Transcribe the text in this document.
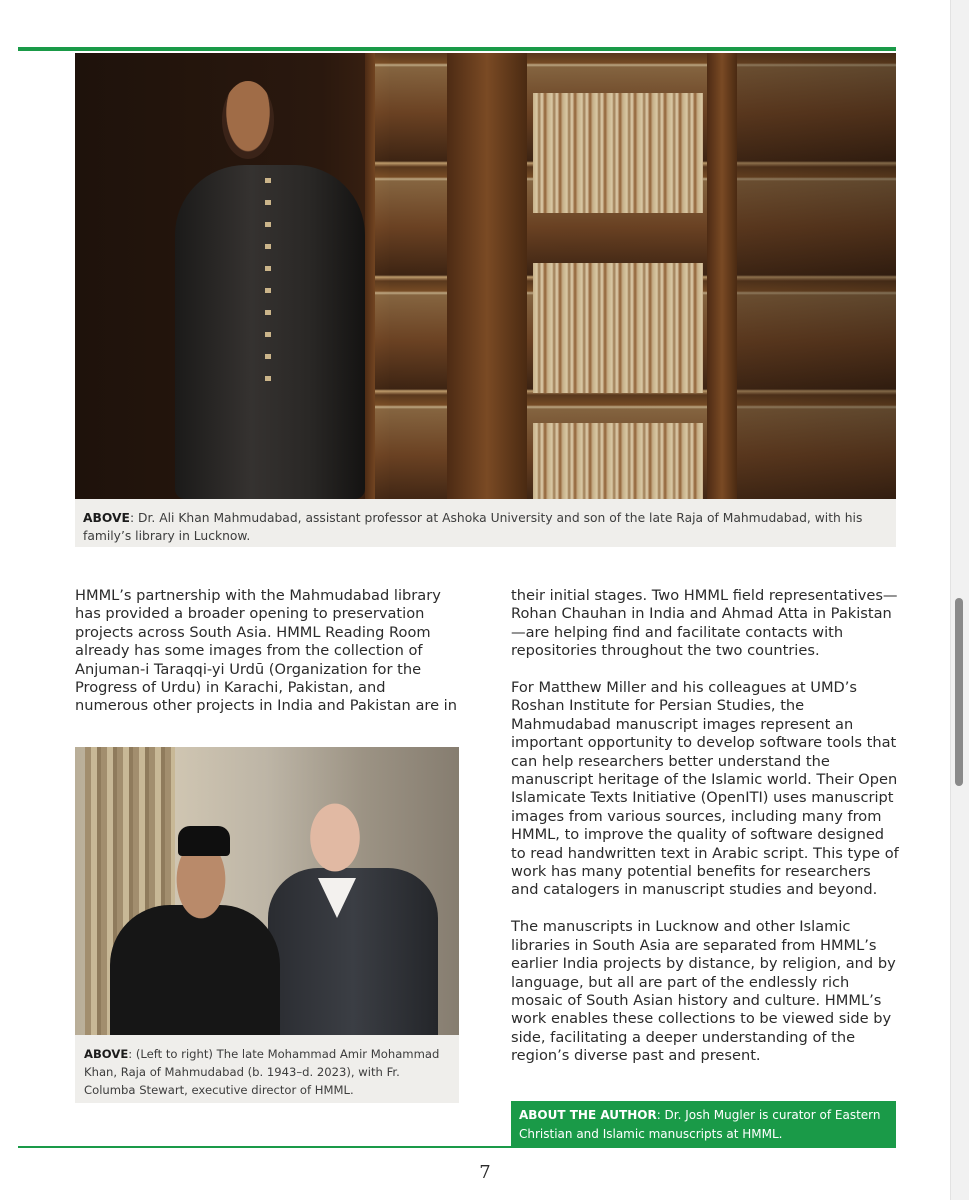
ABOVE: Dr. Ali Khan Mahmudabad, assistant professor at Ashoka University and son of the late Raja of Mahmudabad, with his family’s library in Lucknow.

HMML’s partnership with the Mahmudabad library has provided a broader opening to preservation projects across South Asia. HMML Reading Room already has some images from the collection of Anjuman-i Taraqqi-yi Urdū (Organization for the Progress of Urdu) in Karachi, Pakistan, and numerous other projects in India and Pakistan are in

ABOVE: (Left to right) The late Mohammad Amir Mohammad Khan, Raja of Mahmudabad (b. 1943–d. 2023), with Fr. Columba Stewart, executive director of HMML.

their initial stages. Two HMML field representatives—Rohan Chauhan in India and Ahmad Atta in Pakistan—are helping find and facilitate contacts with repositories throughout the two countries.

For Matthew Miller and his colleagues at UMD’s Roshan Institute for Persian Studies, the Mahmudabad manuscript images represent an important opportunity to develop software tools that can help researchers better understand the manuscript heritage of the Islamic world. Their Open Islamicate Texts Initiative (OpenITI) uses manuscript images from various sources, including many from HMML, to improve the quality of software designed to read handwritten text in Arabic script. This type of work has many potential benefits for researchers and catalogers in manuscript studies and beyond.

The manuscripts in Lucknow and other Islamic libraries in South Asia are separated from HMML’s earlier India projects by distance, by religion, and by language, but all are part of the endlessly rich mosaic of South Asian history and culture. HMML’s work enables these collections to be viewed side by side, facilitating a deeper understanding of the region’s diverse past and present.

ABOUT THE AUTHOR: Dr. Josh Mugler is curator of Eastern Christian and Islamic manuscripts at HMML.
7
